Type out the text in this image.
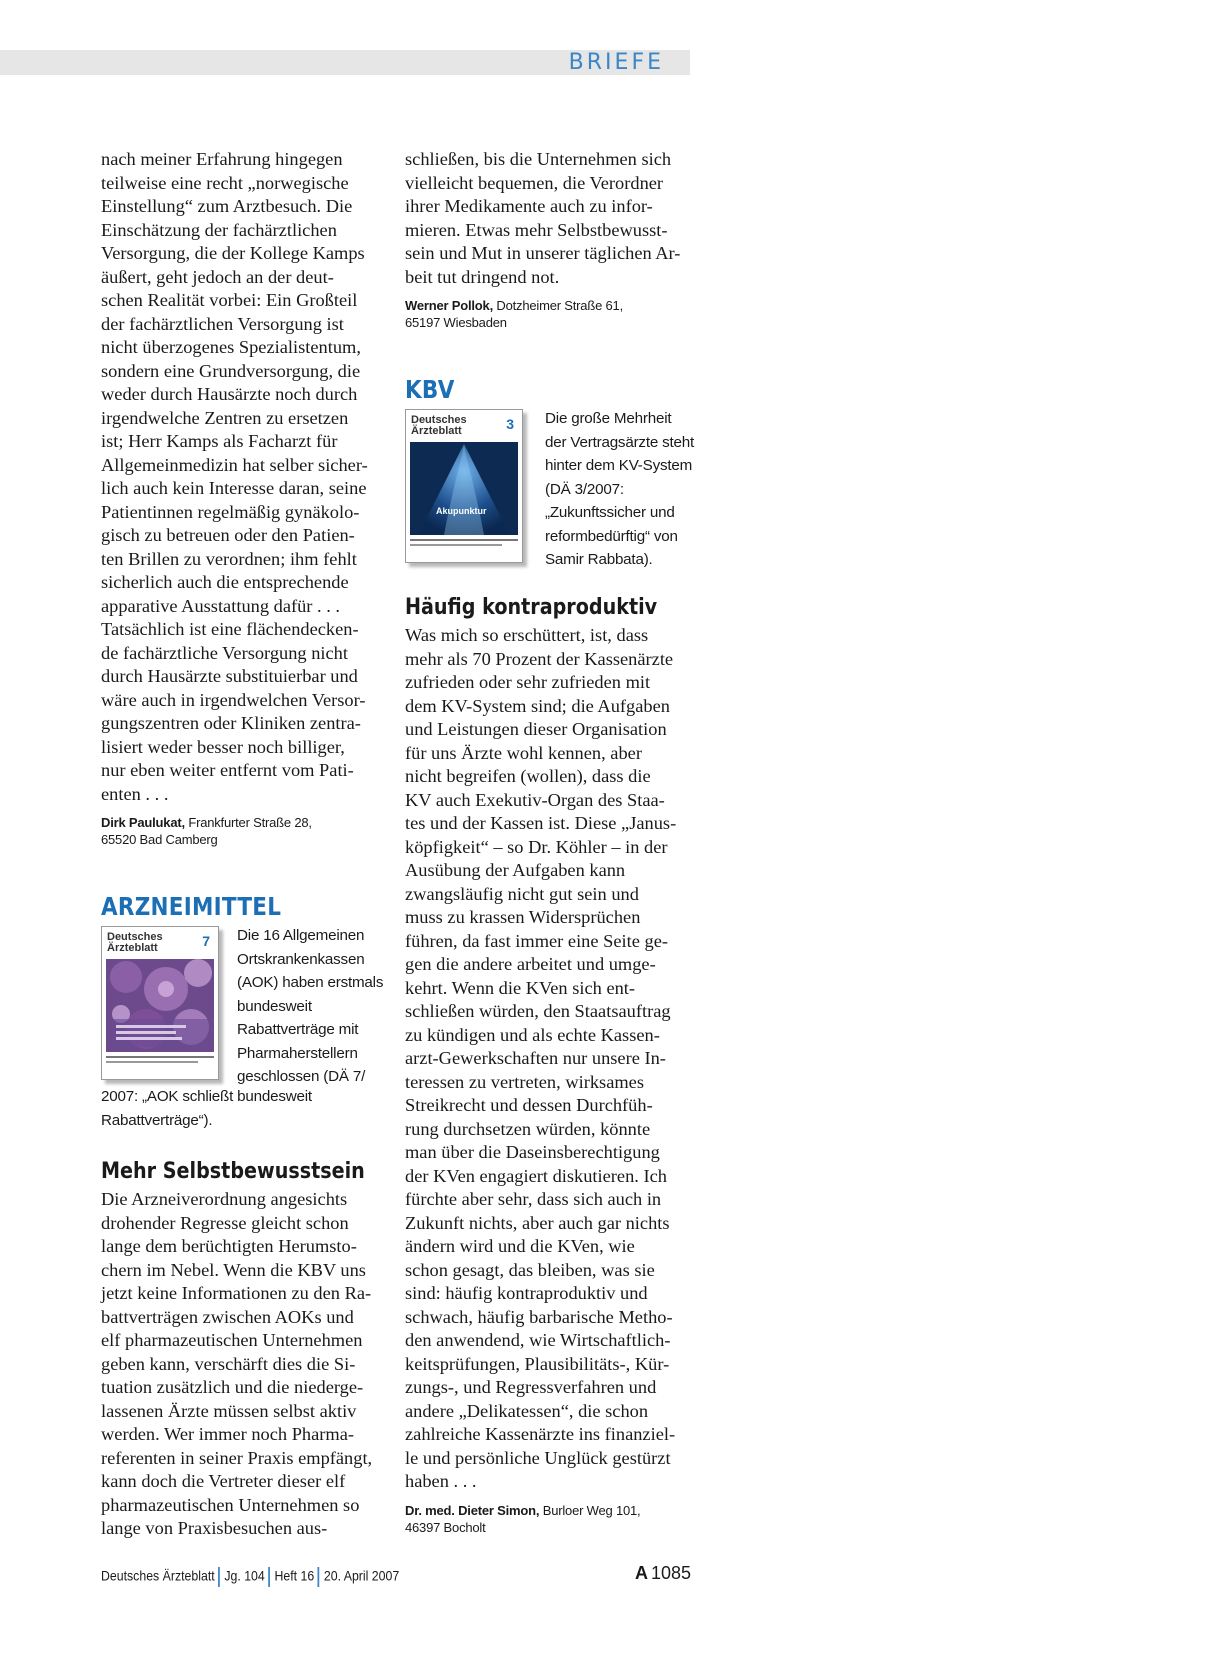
BRIEFE

nach meiner Erfahrung hingegen
teilweise eine recht „norwegische
Einstellung“ zum Arztbesuch. Die
Einschätzung der fachärztlichen
Versorgung, die der Kollege Kamps
äußert, geht jedoch an der deut-
schen Realität vorbei: Ein Großteil
der fachärztlichen Versorgung ist
nicht überzogenes Spezialistentum,
sondern eine Grundversorgung, die
weder durch Hausärzte noch durch
irgendwelche Zentren zu ersetzen
ist; Herr Kamps als Facharzt für
Allgemeinmedizin hat selber sicher-
lich auch kein Interesse daran, seine
Patientinnen regelmäßig gynäkolo-
gisch zu betreuen oder den Patien-
ten Brillen zu verordnen; ihm fehlt
sicherlich auch die entsprechende
apparative Ausstattung dafür . . .
Tatsächlich ist eine flächendecken-
de fachärztliche Versorgung nicht
durch Hausärzte substituierbar und
wäre auch in irgendwelchen Versor-
gungszentren oder Kliniken zentra-
lisiert weder besser noch billiger,
nur eben weiter entfernt vom Pati-
enten . . .

Dirk Paulukat, Frankfurter Straße 28,
65520 Bad Camberg

ARZNEIMITTEL
Deutsches
Ärzteblatt	7 Die 16 Allgemeinen Ortskrankenkassen (AOK) haben erstmals bundesweit Rabattverträge mit Pharmaherstellern geschlossen (DÄ 7/

2007: „AOK schließt bundesweit Rabattverträge“).

Mehr Selbstbewusstsein

Die Arzneiverordnung angesichts
drohender Regresse gleicht schon
lange dem berüchtigten Herumsto-
chern im Nebel. Wenn die KBV uns
jetzt keine Informationen zu den Ra-
battverträgen zwischen AOKs und
elf pharmazeutischen Unternehmen
geben kann, verschärft dies die Si-
tuation zusätzlich und die niederge-
lassenen Ärzte müssen selbst aktiv
werden. Wer immer noch Pharma-
referenten in seiner Praxis empfängt,
kann doch die Vertreter dieser elf
pharmazeutischen Unternehmen so
lange von Praxisbesuchen aus-

schließen, bis die Unternehmen sich
vielleicht bequemen, die Verordner
ihrer Medikamente auch zu infor-
mieren. Etwas mehr Selbstbewusst-
sein und Mut in unserer täglichen Ar-
beit tut dringend not.

Werner Pollok, Dotzheimer Straße 61,
65197 Wiesbaden

KBV
Deutsches
Ärzteblatt	3
Akupunktur

Die große Mehrheit der Vertragsärzte steht hinter dem KV-System (DÄ 3/2007: „Zukunftssicher und reformbedürftig“ von Samir Rabbata).

Häufig kontraproduktiv

Was mich so erschüttert, ist, dass
mehr als 70 Prozent der Kassenärzte
zufrieden oder sehr zufrieden mit
dem KV-System sind; die Aufgaben
und Leistungen dieser Organisation
für uns Ärzte wohl kennen, aber
nicht begreifen (wollen), dass die
KV auch Exekutiv-Organ des Staa-
tes und der Kassen ist. Diese „Janus-
köpfigkeit“ – so Dr. Köhler – in der
Ausübung der Aufgaben kann
zwangsläufig nicht gut sein und
muss zu krassen Widersprüchen
führen, da fast immer eine Seite ge-
gen die andere arbeitet und umge-
kehrt. Wenn die KVen sich ent-
schließen würden, den Staatsauftrag
zu kündigen und als echte Kassen-
arzt-Gewerkschaften nur unsere In-
teressen zu vertreten, wirksames
Streikrecht und dessen Durchfüh-
rung durchsetzen würden, könnte
man über die Daseinsberechtigung
der KVen engagiert diskutieren. Ich
fürchte aber sehr, dass sich auch in
Zukunft nichts, aber auch gar nichts
ändern wird und die KVen, wie
schon gesagt, das bleiben, was sie
sind: häufig kontraproduktiv und
schwach, häufig barbarische Metho-
den anwendend, wie Wirtschaftlich-
keitsprüfungen, Plausibilitäts-, Kür-
zungs-, und Regressverfahren und
andere „Delikatessen“, die schon
zahlreiche Kassenärzte ins finanziel-
le und persönliche Unglück gestürzt
haben . . .

Dr. med. Dieter Simon, Burloer Weg 101,
46397 Bocholt

Deutsches Ärzteblatt Jg. 104 Heft 16 20. April 2007	A 1085
